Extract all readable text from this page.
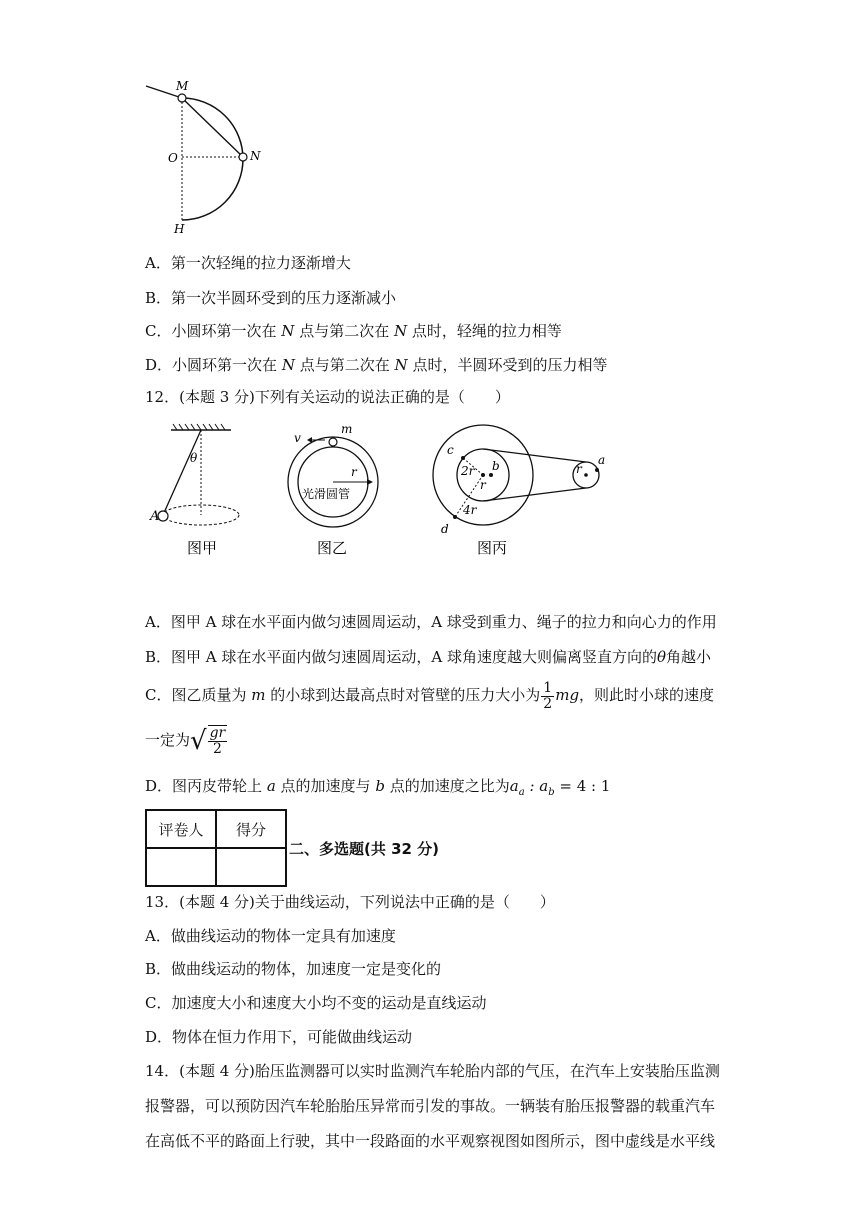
M
O	N
H
A．第一次轻绳的拉力逐渐增大
B．第一次半圆环受到的压力逐渐减小
C．小圆环第一次在 N 点与第二次在 N 点时，轻绳的拉力相等
D．小圆环第一次在 N 点与第二次在 N 点时，半圆环受到的压力相等
12．(本题 3 分)下列有关运动的说法正确的是（　　）
θ
A
图甲
v
m
r
光滑圆管
图乙
c
2r b
r
4r
d
r
a
图丙
A．图甲 A 球在水平面内做匀速圆周运动，A 球受到重力、绳子的拉力和向心力的作用
B．图甲 A 球在水平面内做匀速圆周运动，A 球角速度越大则偏离竖直方向的θ角越小
C．图乙质量为 m 的小球到达最高点时对管壁的压力大小为 $\frac{1}{2}$ mg，则此时小球的速度
一定为√ $\frac{gr}{2}$
D．图丙皮带轮上 a 点的加速度与 b 点的加速度之比为$a_a$ : $a_b = 4$ : 1
评卷人	得分

二、多选题(共 32 分)
13．(本题 4 分)关于曲线运动，下列说法中正确的是（　　）
A．做曲线运动的物体一定具有加速度
B．做曲线运动的物体，加速度一定是变化的
C．加速度大小和速度大小均不变的运动是直线运动
D．物体在恒力作用下，可能做曲线运动
14．(本题 4 分)胎压监测器可以实时监测汽车轮胎内部的气压，在汽车上安装胎压监测
报警器，可以预防因汽车轮胎胎压异常而引发的事故。一辆装有胎压报警器的载重汽车
在高低不平的路面上行驶，其中一段路面的水平观察视图如图所示，图中虚线是水平线
